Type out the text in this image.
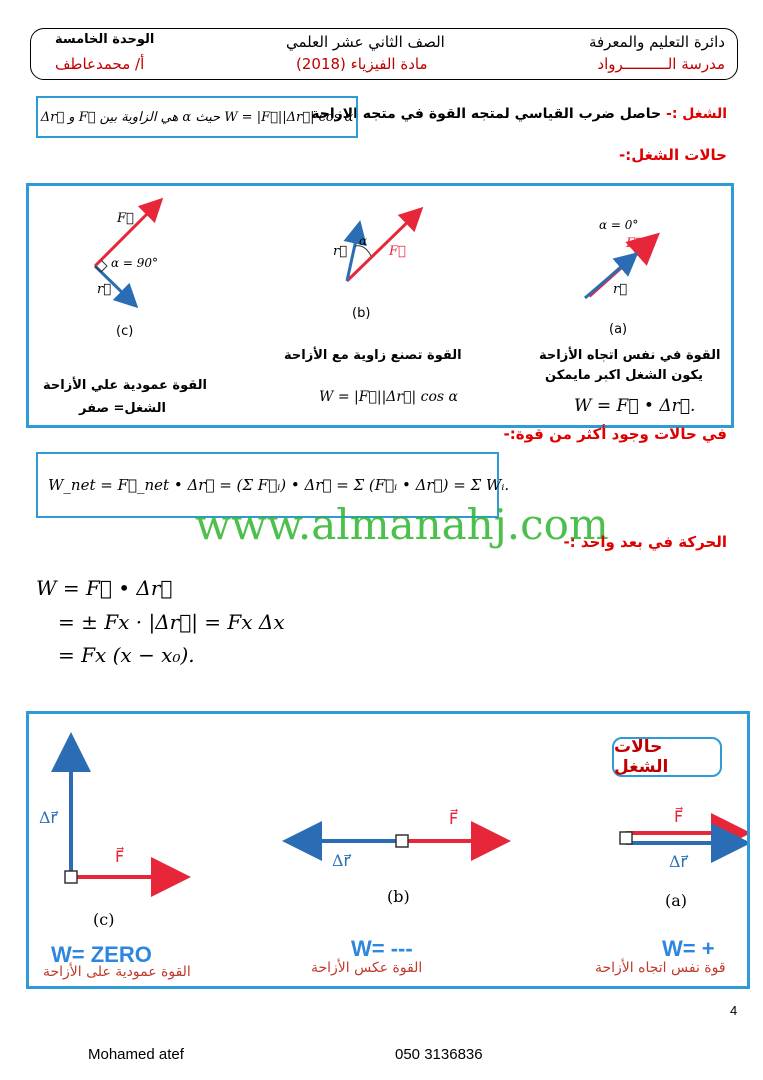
دائرة التعليم والمعرفة
مدرسة الــــــــــرواد
الصف الثاني عشر العلمي
مادة الفيزياء (2018)
الوحدة الخامسة
أ/ محمدعاطف
الشغل :- حاصل ضرب القياسي لمتجه القوة في متجه الازاحة
W = |F⃗||Δr⃗| cos α حيث α هي الزاوية بين F⃗ و Δr⃗
حالات الشغل:-
F⃗
r⃗
α = 90°
(c)
القوة عمودية علي الأزاحة
الشغل= صفر
r⃗
α
F⃗
(b)
القوة تصنع زاوية مع الأزاحة
W = |F⃗||Δr⃗| cos α
α = 0°
F⃗
r⃗
(a)
القوة في نفس اتجاه الأزاحة
يكون الشغل اكبر مايمكن
W = F⃗ • Δr⃗.
في حالات وجود أكثر من قوة:-
W_net = F⃗_net • Δr⃗ = (Σ F⃗ᵢ) • Δr⃗ = Σ (F⃗ᵢ • Δr⃗) = Σ Wᵢ.
www.almanahj.com
الحركة في بعد واحد :-
W = F⃗ • Δr⃗
= ± Fx · |Δr⃗| = Fx Δx
= Fx (x − x₀).
حالات الشغل
Δr⃗
F⃗
(c)
W= ZERO
القوة عمودية على الأزاحة
Δr⃗
F⃗
(b)
W= ---
القوة عكس الأزاحة
F⃗
Δr⃗
(a)
W= +
قوة نفس اتجاه الأزاحة
4
Mohamed atef	050 3136836
